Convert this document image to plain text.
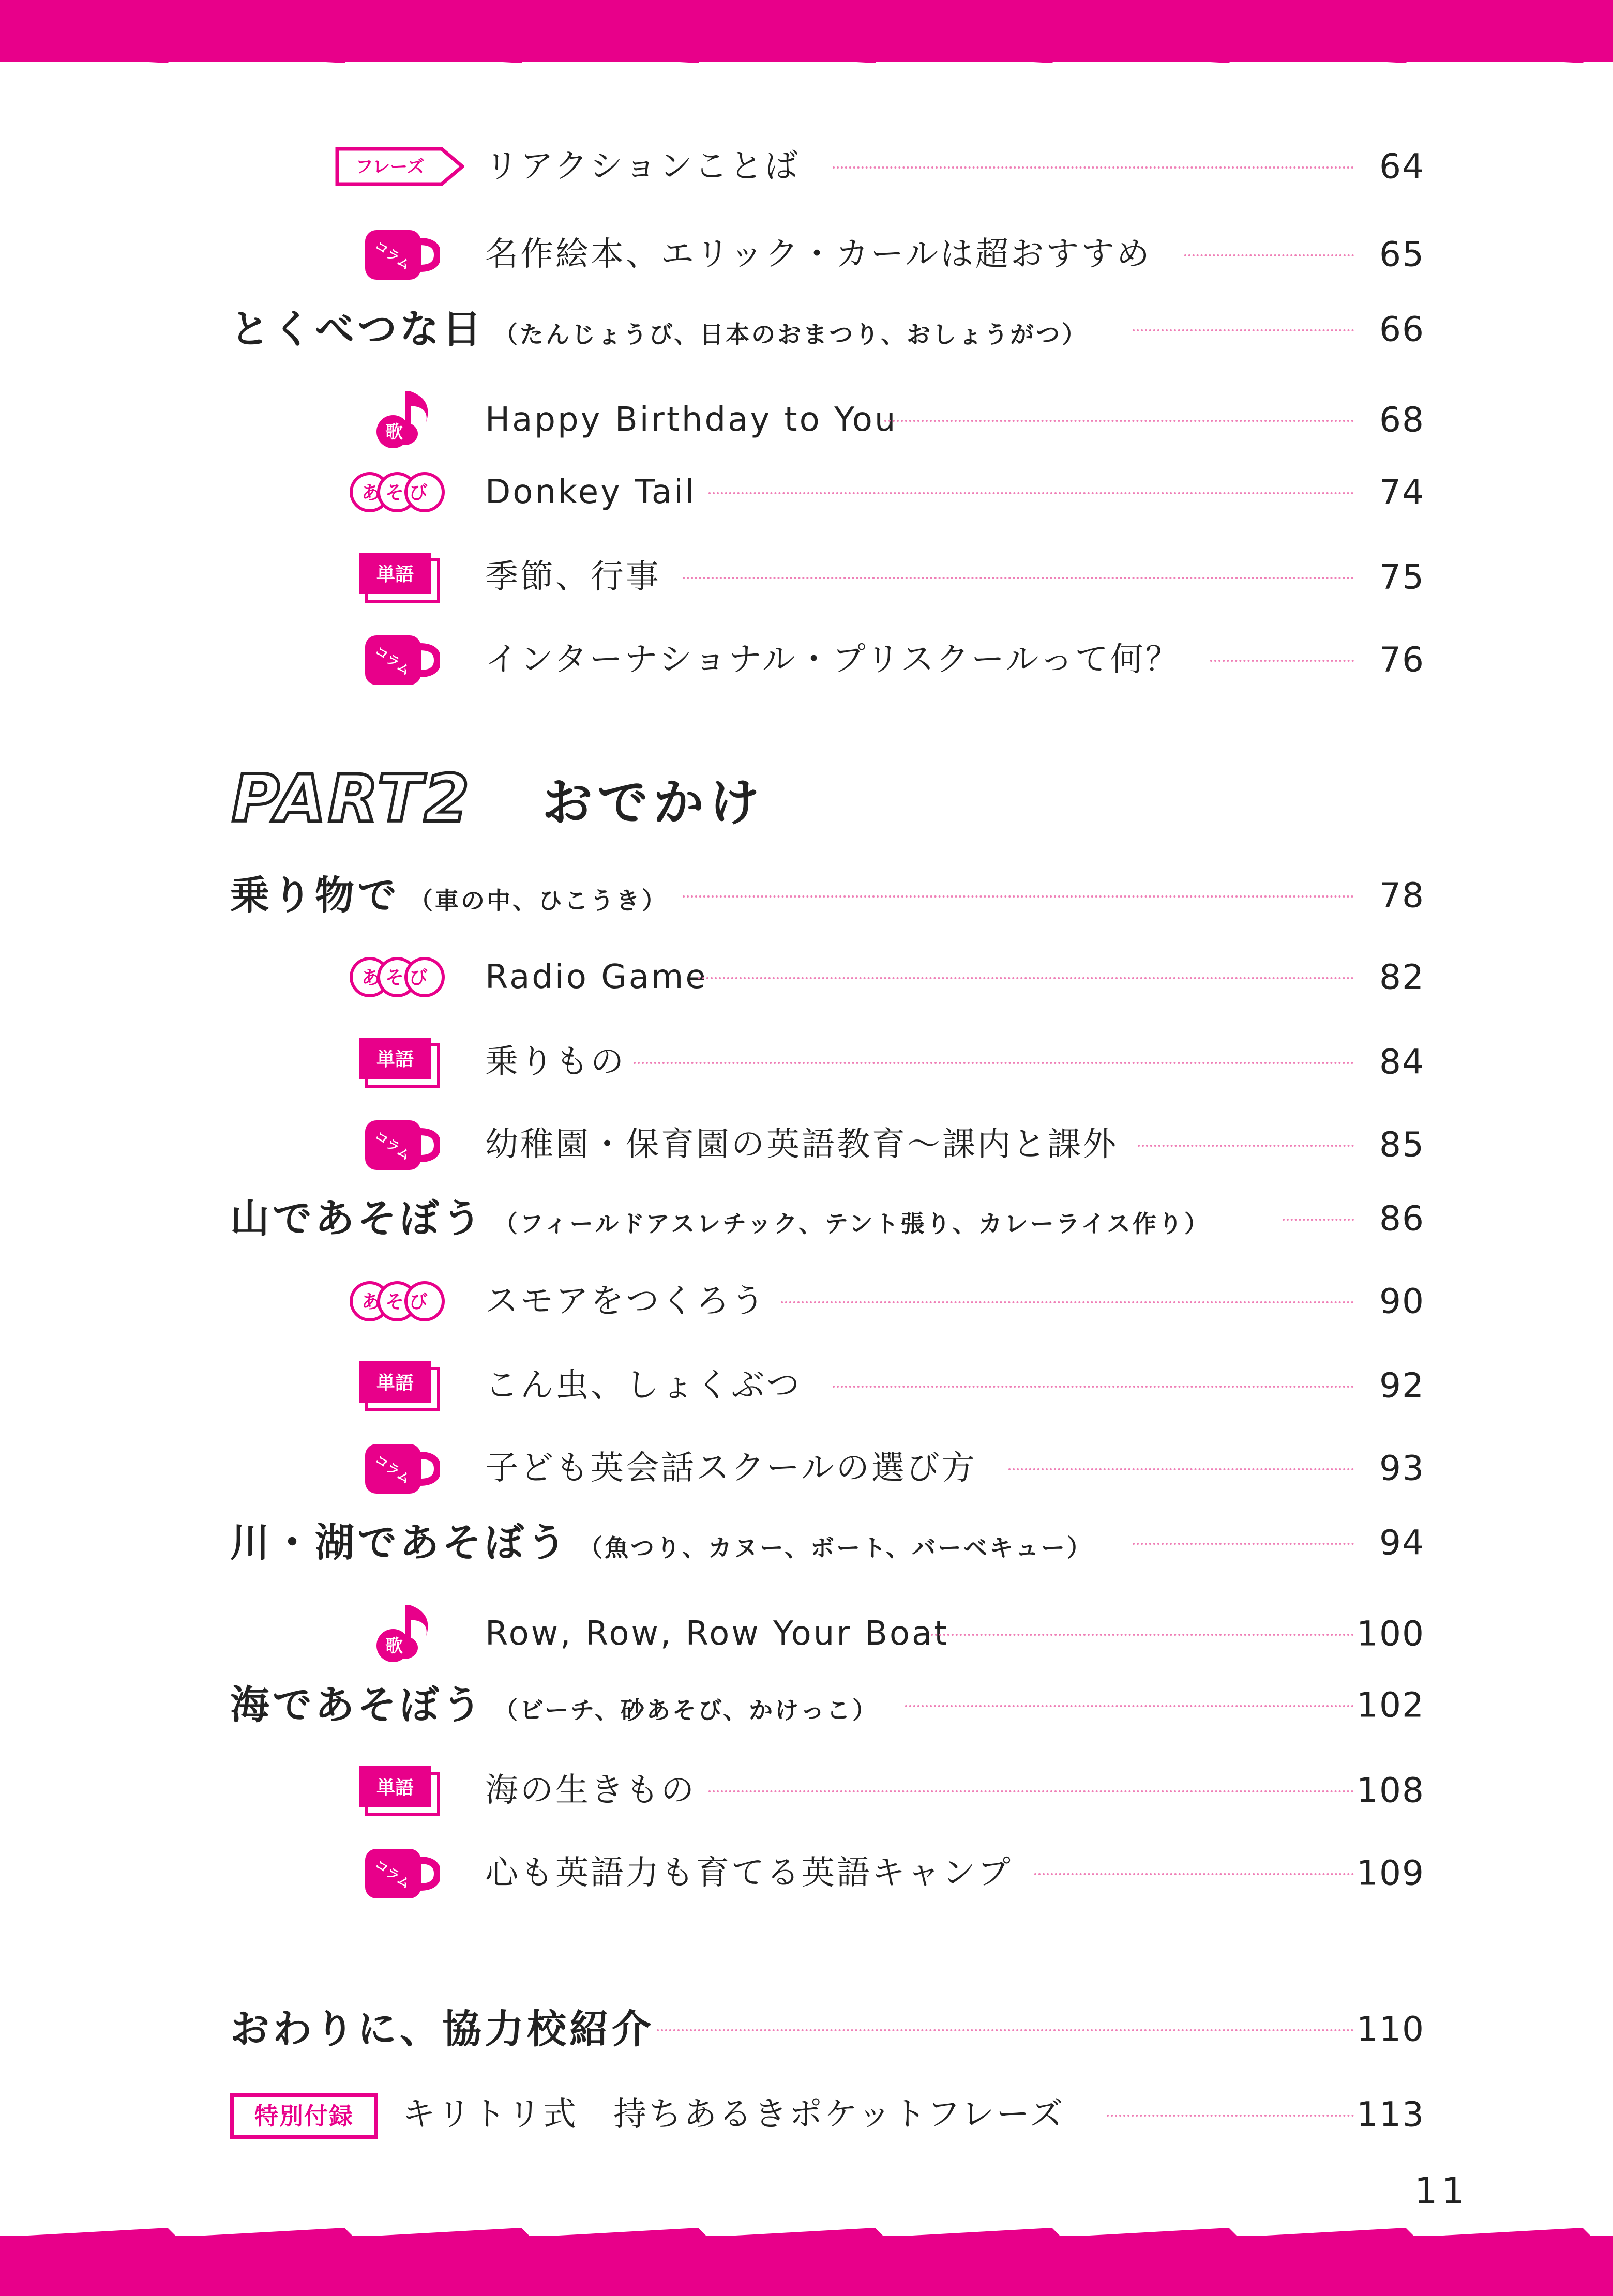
フレーズ リアクションことば	64
コラム 名作絵本、エリック・カールは超おすすめ	65
とくべつな日 （たんじょうび、日本のおまつり、おしょうがつ）	66
歌 Happy Birthday to You	68
あそび Donkey Tail	74
単語 季節、行事	75
コラム インターナショナル・プリスクールって何？	76
乗り物で （車の中、ひこうき）	78
あそび Radio Game	82
単語 乗りもの	84
コラム 幼稚園・保育園の英語教育～課内と課外	85
山であそぼう （フィールドアスレチック、テント張り、カレーライス作り）	86
あそび スモアをつくろう	90
単語 こん虫、しょくぶつ	92
コラム 子ども英会話スクールの選び方	93
川・湖であそぼう （魚つり、カヌー、ボート、バーベキュー）	94
歌 Row, Row, Row Your Boat	100
海であそぼう （ビーチ、砂あそび、かけっこ）	102
単語 海の生きもの	108
コラム 心も英語力も育てる英語キャンプ	109
おわりに、協力校紹介	110
キリトリ式　持ちあるきポケットフレーズ	113
PART2 おでかけ
特別付録
11
